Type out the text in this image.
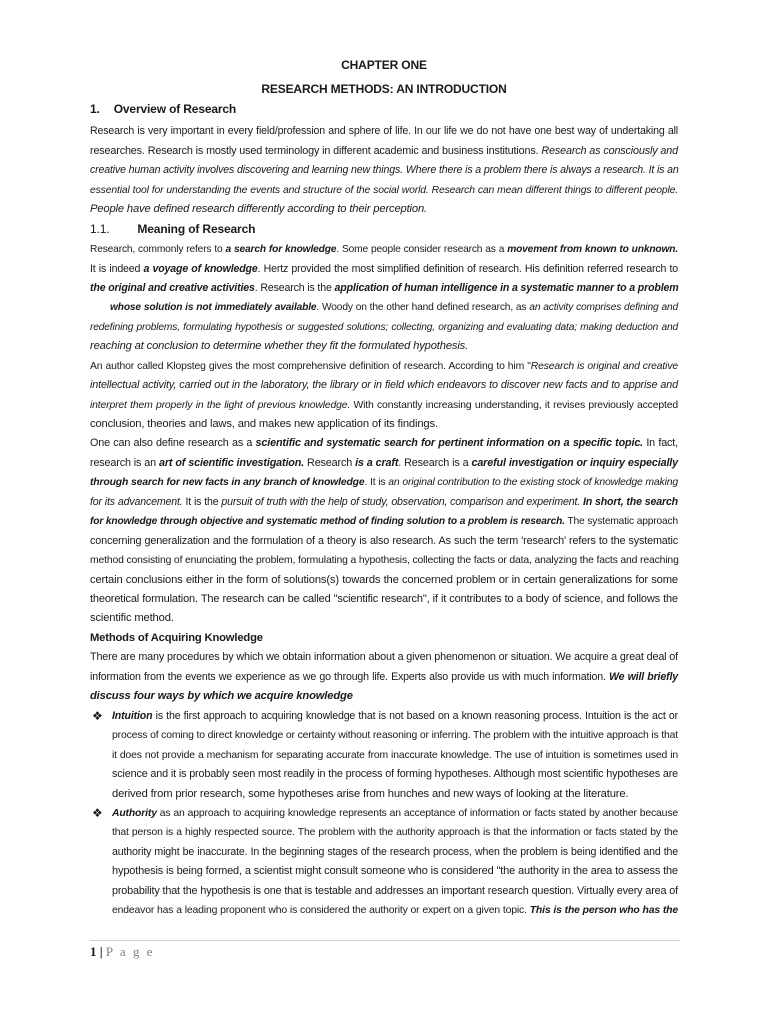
CHAPTER ONE
RESEARCH METHODS: AN INTRODUCTION
1. Overview of Research
Research is very important in every field/profession and sphere of life. In our life we do not have one best way of undertaking all
researches. Research is mostly used terminology in different academic and business institutions. Research as consciously and
creative human activity involves discovering and learning new things. Where there is a problem there is always a research. It is an
essential tool for understanding the events and structure of the social world. Research can mean different things to different people.
People have defined research differently according to their perception.
1.1. Meaning of Research
Research, commonly refers to a search for knowledge. Some people consider research as a movement from known to unknown.
It is indeed a voyage of knowledge. Hertz provided the most simplified definition of research. His definition referred research to
the original and creative activities. Research is the application of human intelligence in a systematic manner to a problem
whose solution is not immediately available. Woody on the other hand defined research, as an activity comprises defining and
redefining problems, formulating hypothesis or suggested solutions; collecting, organizing and evaluating data; making deduction and
reaching at conclusion to determine whether they fit the formulated hypothesis.
An author called Klopsteg gives the most comprehensive definition of research. According to him "Research is original and creative
intellectual activity, carried out in the laboratory, the library or in field which endeavors to discover new facts and to apprise and
interpret them properly in the light of previous knowledge. With constantly increasing understanding, it revises previously accepted
conclusion, theories and laws, and makes new application of its findings.
One can also define research as a scientific and systematic search for pertinent information on a specific topic. In fact,
research is an art of scientific investigation. Research is a craft. Research is a careful investigation or inquiry especially
through search for new facts in any branch of knowledge. It is an original contribution to the existing stock of knowledge making
for its advancement. It is the pursuit of truth with the help of study, observation, comparison and experiment. In short, the search
for knowledge through objective and systematic method of finding solution to a problem is research. The systematic approach
concerning generalization and the formulation of a theory is also research. As such the term 'research' refers to the systematic
method consisting of enunciating the problem, formulating a hypothesis, collecting the facts or data, analyzing the facts and reaching
certain conclusions either in the form of solutions(s) towards the concerned problem or in certain generalizations for some
theoretical formulation. The research can be called "scientific research", if it contributes to a body of science, and follows the
scientific method.
Methods of Acquiring Knowledge
There are many procedures by which we obtain information about a given phenomenon or situation. We acquire a great deal of
information from the events we experience as we go through life. Experts also provide us with much information. We will briefly
discuss four ways by which we acquire knowledge
❖ Intuition is the first approach to acquiring knowledge that is not based on a known reasoning process. Intuition is the act or
process of coming to direct knowledge or certainty without reasoning or inferring. The problem with the intuitive approach is that
it does not provide a mechanism for separating accurate from inaccurate knowledge. The use of intuition is sometimes used in
science and it is probably seen most readily in the process of forming hypotheses. Although most scientific hypotheses are
derived from prior research, some hypotheses arise from hunches and new ways of looking at the literature.
❖ Authority as an approach to acquiring knowledge represents an acceptance of information or facts stated by another because
that person is a highly respected source. The problem with the authority approach is that the information or facts stated by the
authority might be inaccurate. In the beginning stages of the research process, when the problem is being identified and the
hypothesis is being formed, a scientist might consult someone who is considered "the authority in the area to assess the
probability that the hypothesis is one that is testable and addresses an important research question. Virtually every area of
endeavor has a leading proponent who is considered the authority or expert on a given topic. This is the person who has the
1 | P a g e
